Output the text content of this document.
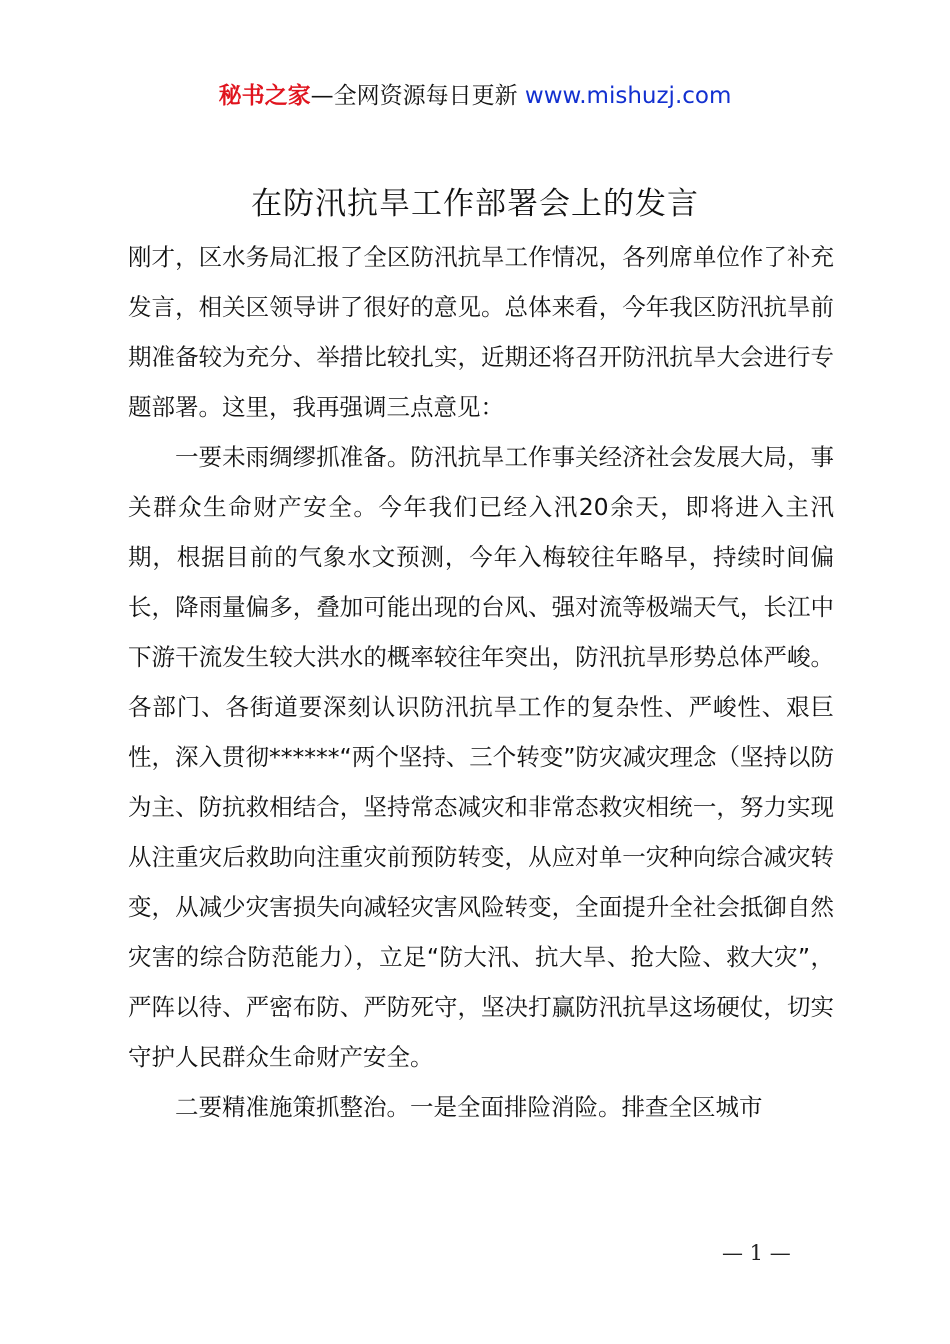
秘书之家—全网资源每日更新 www.mishuzj.com
在防汛抗旱工作部署会上的发言

刚才，区水务局汇报了全区防汛抗旱工作情况，各列席单位作了补充发言，相关区领导讲了很好的意见。总体来看，今年我区防汛抗旱前期准备较为充分、举措比较扎实，近期还将召开防汛抗旱大会进行专题部署。这里，我再强调三点意见：

一要未雨绸缪抓准备。防汛抗旱工作事关经济社会发展大局，事关群众生命财产安全。今年我们已经入汛20余天，即将进入主汛期，根据目前的气象水文预测，今年入梅较往年略早，持续时间偏长，降雨量偏多，叠加可能出现的台风、强对流等极端天气，长江中下游干流发生较大洪水的概率较往年突出，防汛抗旱形势总体严峻。各部门、各街道要深刻认识防汛抗旱工作的复杂性、严峻性、艰巨性，深入贯彻******“两个坚持、三个转变”防灾减灾理念（坚持以防为主、防抗救相结合，坚持常态减灾和非常态救灾相统一，努力实现从注重灾后救助向注重灾前预防转变，从应对单一灾种向综合减灾转变，从减少灾害损失向减轻灾害风险转变，全面提升全社会抵御自然灾害的综合防范能力），立足“防大汛、抗大旱、抢大险、救大灾”，严阵以待、严密布防、严防死守，坚决打赢防汛抗旱这场硬仗，切实守护人民群众生命财产安全。

二要精准施策抓整治。一是全面排险消险。排查全区城市

— 1 —
